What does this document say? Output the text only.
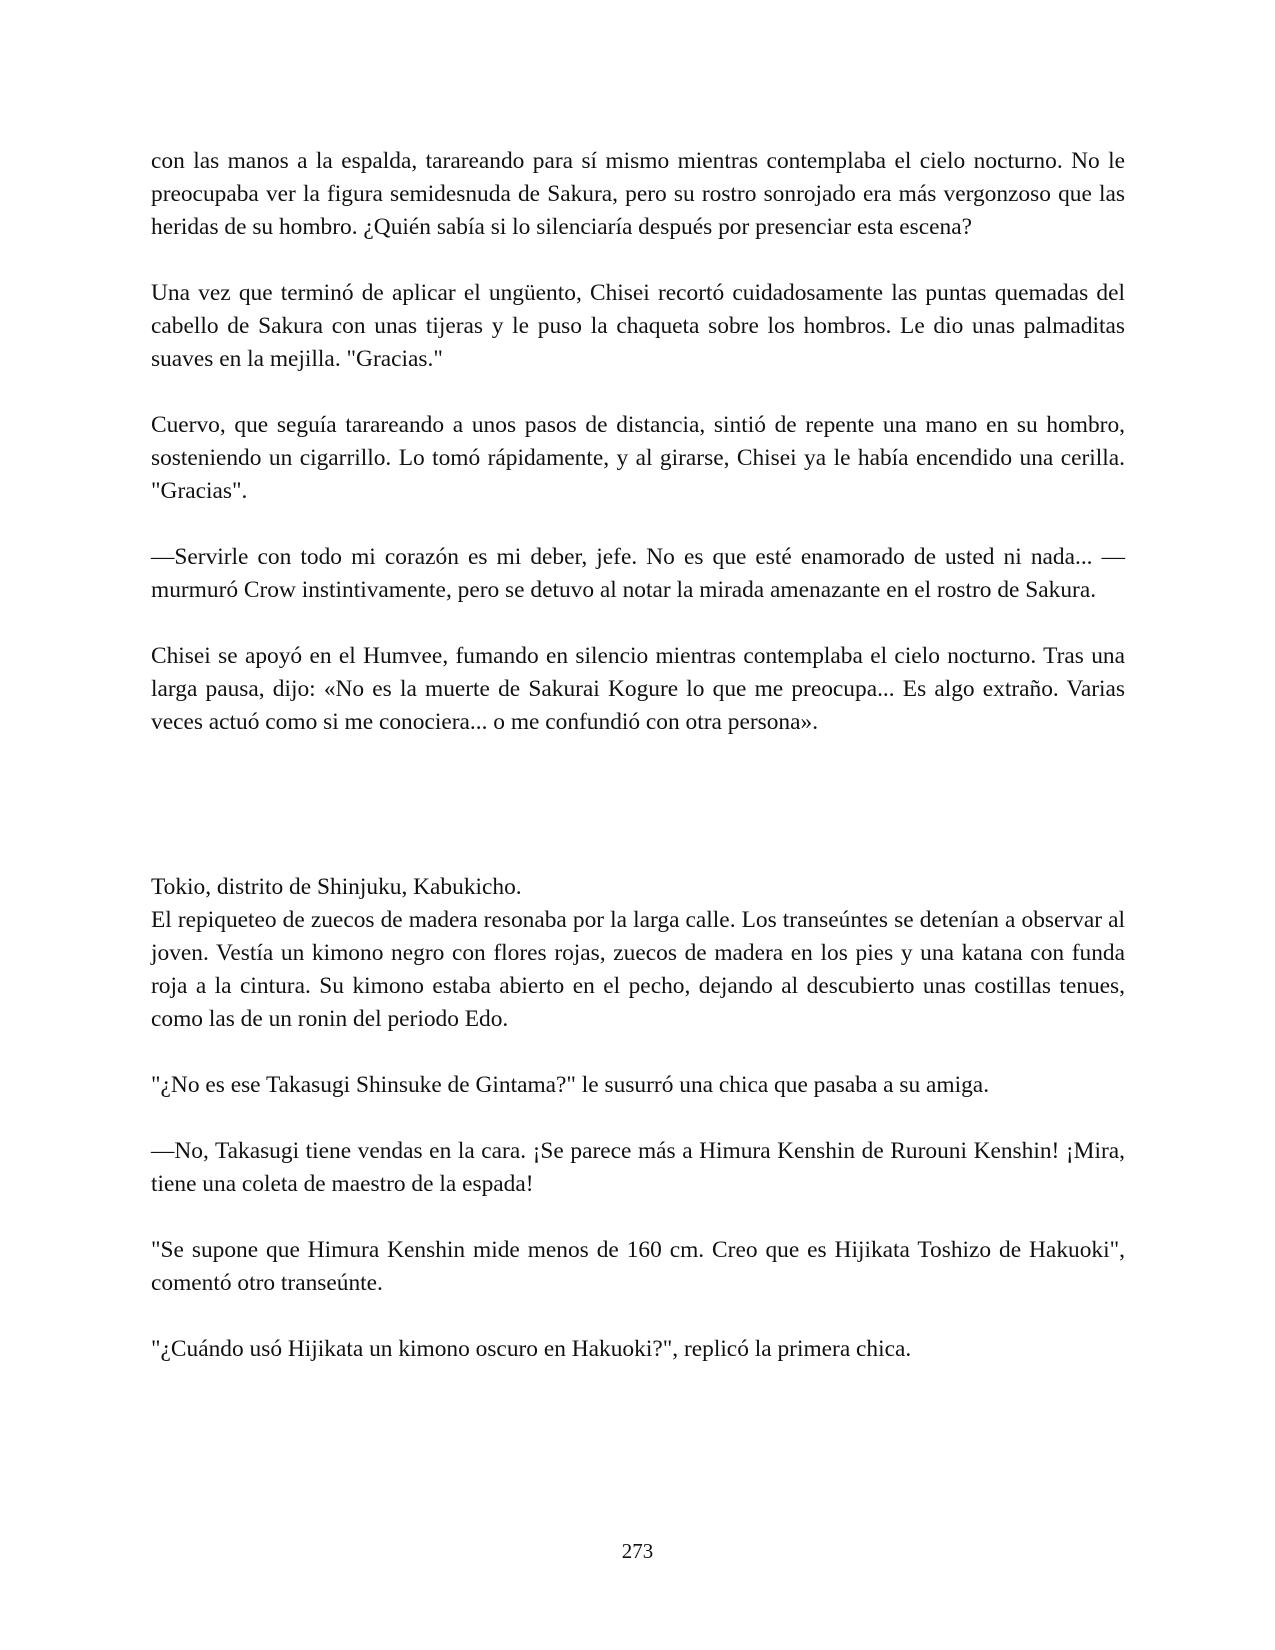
con las manos a la espalda, tarareando para sí mismo mientras contemplaba el cielo nocturno. No le preocupaba ver la figura semidesnuda de Sakura, pero su rostro sonrojado era más vergonzoso que las heridas de su hombro. ¿Quién sabía si lo silenciaría después por presenciar esta escena?

Una vez que terminó de aplicar el ungüento, Chisei recortó cuidadosamente las puntas quemadas del cabello de Sakura con unas tijeras y le puso la chaqueta sobre los hombros. Le dio unas palmaditas suaves en la mejilla. "Gracias."

Cuervo, que seguía tarareando a unos pasos de distancia, sintió de repente una mano en su hombro, sosteniendo un cigarrillo. Lo tomó rápidamente, y al girarse, Chisei ya le había encendido una cerilla. "Gracias".

—Servirle con todo mi corazón es mi deber, jefe. No es que esté enamorado de usted ni nada... —murmuró Crow instintivamente, pero se detuvo al notar la mirada amenazante en el rostro de Sakura.

Chisei se apoyó en el Humvee, fumando en silencio mientras contemplaba el cielo nocturno. Tras una larga pausa, dijo: «No es la muerte de Sakurai Kogure lo que me preocupa... Es algo extraño. Varias veces actuó como si me conociera... o me confundió con otra persona».

Tokio, distrito de Shinjuku, Kabukicho.

El repiqueteo de zuecos de madera resonaba por la larga calle. Los transeúntes se detenían a observar al joven. Vestía un kimono negro con flores rojas, zuecos de madera en los pies y una katana con funda roja a la cintura. Su kimono estaba abierto en el pecho, dejando al descubierto unas costillas tenues, como las de un ronin del periodo Edo.

"¿No es ese Takasugi Shinsuke de Gintama?" le susurró una chica que pasaba a su amiga.

—No, Takasugi tiene vendas en la cara. ¡Se parece más a Himura Kenshin de Rurouni Kenshin! ¡Mira, tiene una coleta de maestro de la espada!

"Se supone que Himura Kenshin mide menos de 160 cm. Creo que es Hijikata Toshizo de Hakuoki", comentó otro transeúnte.

"¿Cuándo usó Hijikata un kimono oscuro en Hakuoki?", replicó la primera chica.

273
